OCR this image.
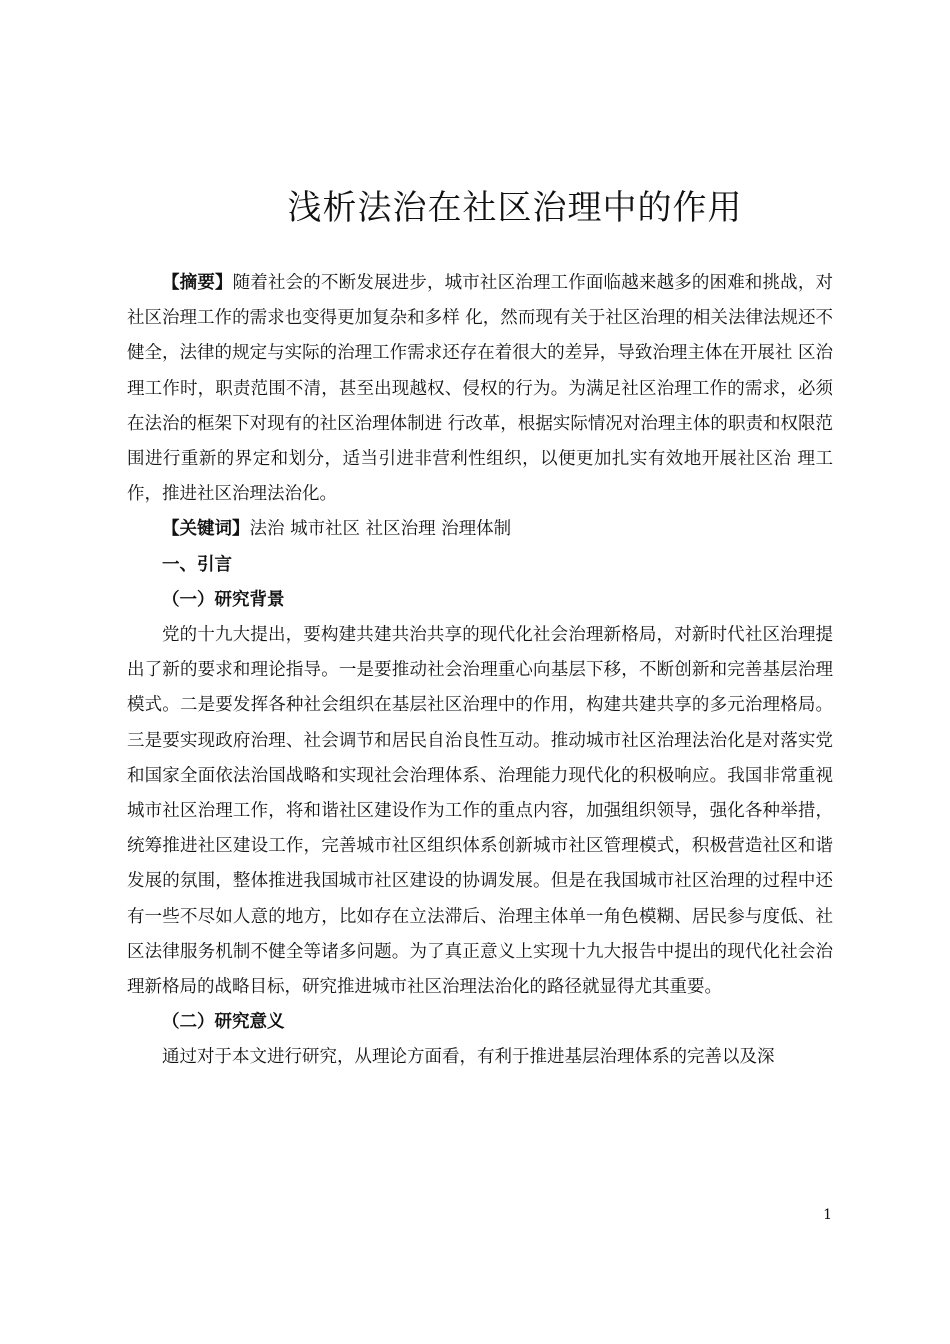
浅析法治在社区治理中的作用

【摘要】随着社会的不断发展进步，城市社区治理工作面临越来越多的困难和挑战，对社区治理工作的需求也变得更加复杂和多样 化，然而现有关于社区治理的相关法律法规还不健全，法律的规定与实际的治理工作需求还存在着很大的差异，导致治理主体在开展社 区治理工作时，职责范围不清，甚至出现越权、侵权的行为。为满足社区治理工作的需求，必须在法治的框架下对现有的社区治理体制进 行改革，根据实际情况对治理主体的职责和权限范围进行重新的界定和划分，适当引进非营利性组织，以便更加扎实有效地开展社区治 理工作，推进社区治理法治化。

【关键词】法治 城市社区 社区治理 治理体制

一、引言

（一）研究背景

党的十九大提出，要构建共建共治共享的现代化社会治理新格局，对新时代社区治理提出了新的要求和理论指导。一是要推动社会治理重心向基层下移，不断创新和完善基层治理模式。二是要发挥各种社会组织在基层社区治理中的作用，构建共建共享的多元治理格局。三是要实现政府治理、社会调节和居民自治良性互动。推动城市社区治理法治化是对落实党和国家全面依法治国战略和实现社会治理体系、治理能力现代化的积极响应。我国非常重视城市社区治理工作，将和谐社区建设作为工作的重点内容，加强组织领导，强化各种举措，统筹推进社区建设工作，完善城市社区组织体系创新城市社区管理模式，积极营造社区和谐发展的氛围，整体推进我国城市社区建设的协调发展。但是在我国城市社区治理的过程中还有一些不尽如人意的地方，比如存在立法滞后、治理主体单一角色模糊、居民参与度低、社区法律服务机制不健全等诸多问题。为了真正意义上实现十九大报告中提出的现代化社会治理新格局的战略目标，研究推进城市社区治理法治化的路径就显得尤其重要。

（二）研究意义

通过对于本文进行研究，从理论方面看，有利于推进基层治理体系的完善以及深

1
